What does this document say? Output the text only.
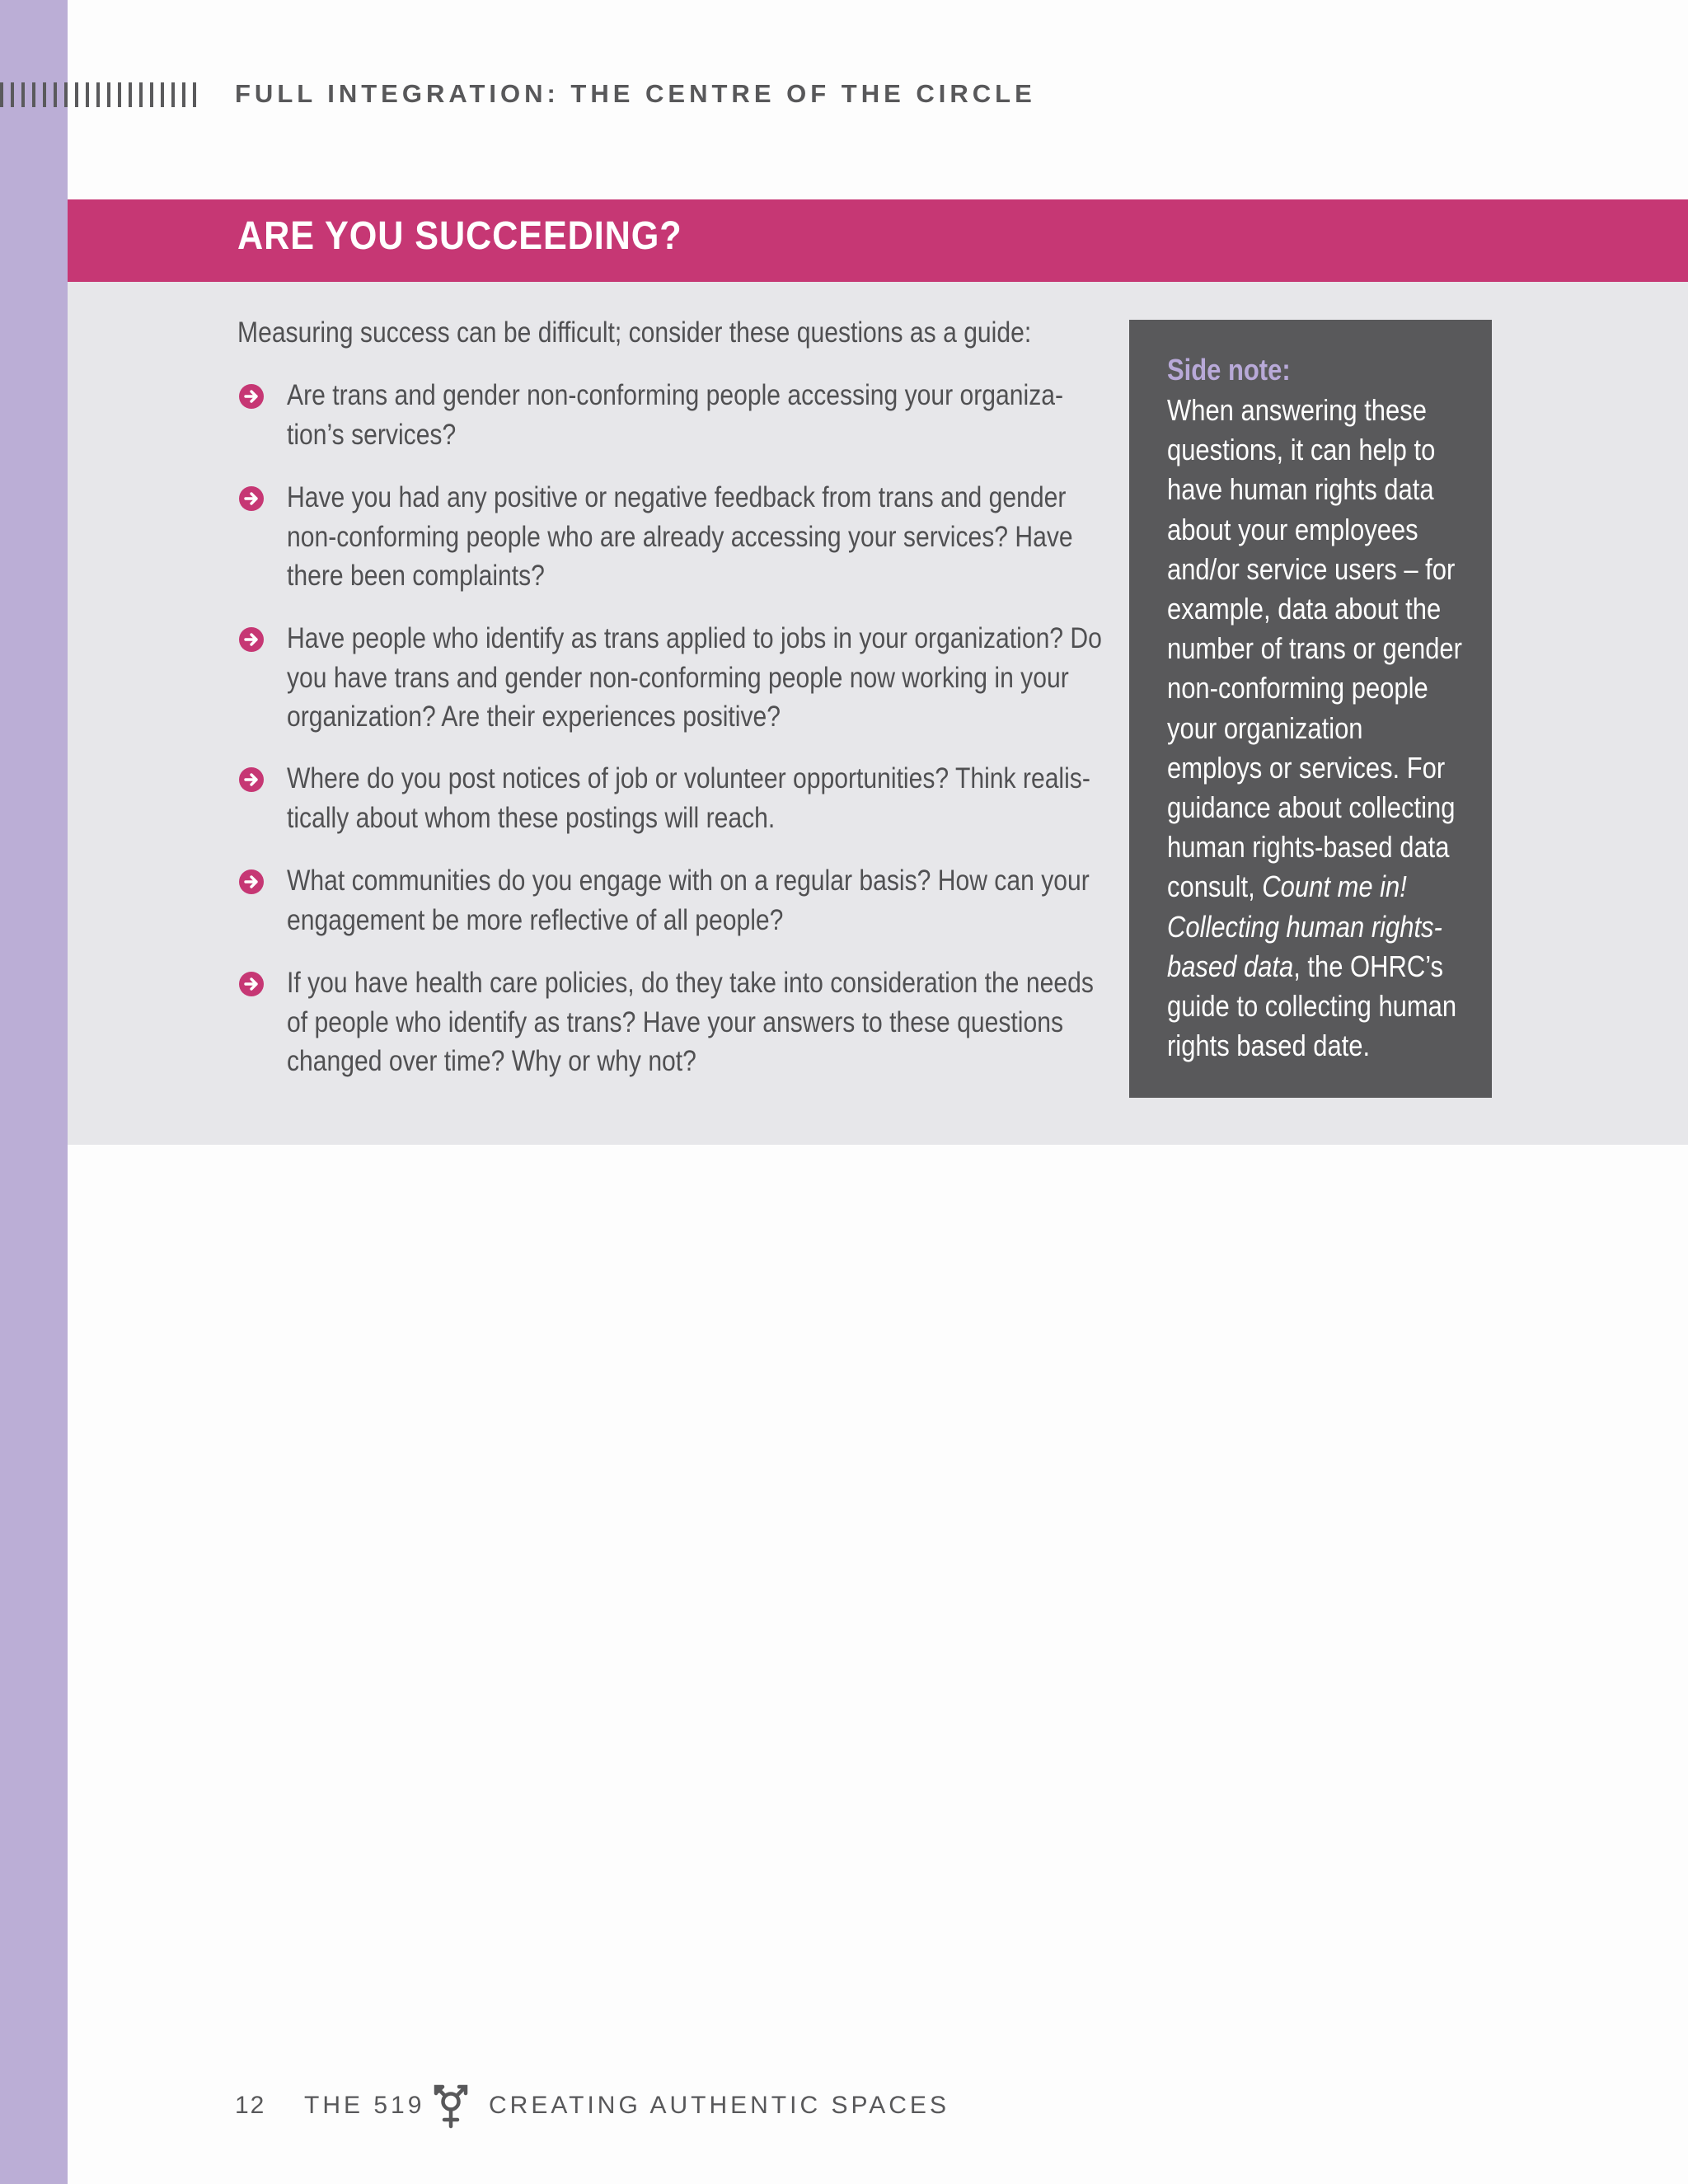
FULL INTEGRATION: THE CENTRE OF THE CIRCLE
ARE YOU SUCCEEDING?
Measuring success can be difficult; consider these questions as a guide:
Are trans and gender non-conforming people accessing your organiza- tion’s services?
Have you had any positive or negative feedback from trans and gender non-conforming people who are already accessing your services? Have there been complaints?
Have people who identify as trans applied to jobs in your organization? Do you have trans and gender non-conforming people now working in your organization? Are their experiences positive?
Where do you post notices of job or volunteer opportunities? Think realis- tically about whom these postings will reach.
What communities do you engage with on a regular basis? How can your engagement be more reflective of all people?
If you have health care policies, do they take into consideration the needs of people who identify as trans? Have your answers to these questions changed over time? Why or why not?
Side note:
When answering these questions, it can help to have human rights data about your employees and/or service users – for example, data about the number of trans or gender non-conforming people your organization employs or services. For guidance about collecting human rights-based data consult, Count me in! Collecting human rights-based data, the OHRC’s guide to collecting human rights based date.
12 THE 519	CREATING AUTHENTIC SPACES
